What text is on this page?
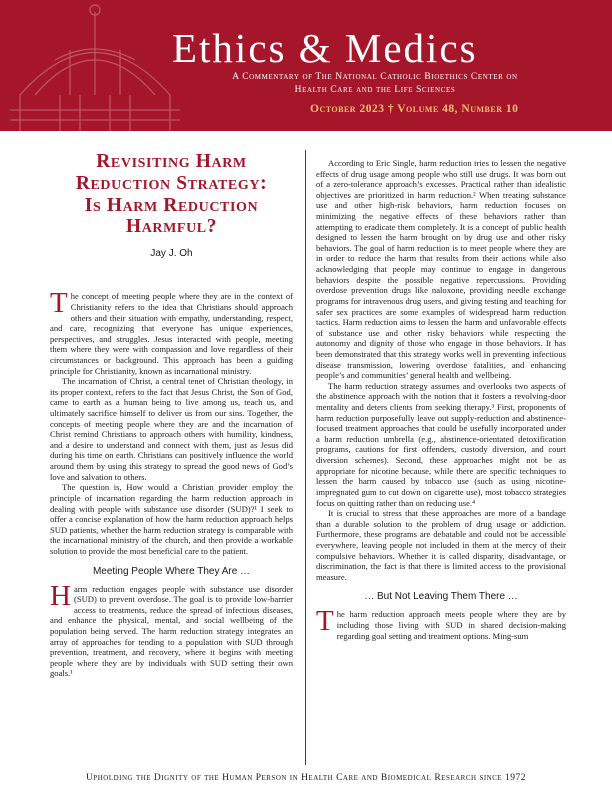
Ethics & Medics
A Commentary of The National Catholic Bioethics Center on
Health Care and the Life Sciences
October 2023 † Volume 48, Number 10
Revisiting Harm
Reduction Strategy:
Is Harm Reduction
Harmful?
Jay J. Oh

The concept of meeting people where they are in the context of Christianity refers to the idea that Christians should approach others and their situation with empathy, understanding, respect, and care, recognizing that everyone has unique experiences, perspectives, and struggles. Jesus interacted with people, meeting them where they were with compassion and love regardless of their circumstances or background. This approach has been a guiding principle for Christianity, known as incarnational ministry.

The incarnation of Christ, a central tenet of Christian theology, in its proper context, refers to the fact that Jesus Christ, the Son of God, came to earth as a human being to live among us, teach us, and ultimately sacrifice himself to deliver us from our sins. Together, the concepts of meeting people where they are and the incarnation of Christ remind Christians to approach others with humility, kindness, and a desire to understand and connect with them, just as Jesus did during his time on earth. Christians can positively influence the world around them by using this strategy to spread the good news of God’s love and salvation to others.

The question is, How would a Christian provider employ the principle of incarnation regarding the harm reduction approach in dealing with people with substance use disorder (SUD)?¹ I seek to offer a concise explanation of how the harm reduction approach helps SUD patients, whether the harm reduction strategy is comparable with the incarnational ministry of the church, and then provide a workable solution to provide the most beneficial care to the patient.

Meeting People Where They Are …

Harm reduction engages people with substance use disorder (SUD) to prevent overdose. The goal is to provide low-barrier access to treatments, reduce the spread of infectious diseases, and enhance the physical, mental, and social wellbeing of the population being served. The harm reduction strategy integrates an array of approaches for tending to a population with SUD through prevention, treatment, and recovery, where it begins with meeting people where they are by individuals with SUD setting their own goals.¹

According to Eric Single, harm reduction tries to lessen the negative effects of drug usage among people who still use drugs. It was born out of a zero-tolerance approach’s excesses. Practical rather than idealistic objectives are prioritized in harm reduction.² When treating substance use and other high-risk behaviors, harm reduction focuses on minimizing the negative effects of these behaviors rather than attempting to eradicate them completely. It is a concept of public health designed to lessen the harm brought on by drug use and other risky behaviors. The goal of harm reduction is to meet people where they are in order to reduce the harm that results from their actions while also acknowledging that people may continue to engage in dangerous behaviors despite the possible negative repercussions. Providing overdose prevention drugs like naloxone, providing needle exchange programs for intravenous drug users, and giving testing and teaching for safer sex practices are some examples of widespread harm reduction tactics. Harm reduction aims to lessen the harm and unfavorable effects of substance use and other risky behaviors while respecting the autonomy and dignity of those who engage in those behaviors. It has been demonstrated that this strategy works well in preventing infectious disease transmission, lowering overdose fatalities, and enhancing people’s and communities’ general health and wellbeing.

The harm reduction strategy assumes and overlooks two aspects of the abstinence approach with the notion that it fosters a revolving-door mentality and deters clients from seeking therapy.³ First, proponents of harm reduction purposefully leave out supply-reduction and abstinence-focused treatment approaches that could be usefully incorporated under a harm reduction umbrella (e.g., abstinence-orientated detoxification programs, cautions for first offenders, custody diversion, and court diversion schemes). Second, these approaches might not be as appropriate for nicotine because, while there are specific techniques to lessen the harm caused by tobacco use (such as using nicotine-impregnated gum to cut down on cigarette use), most tobacco strategies focus on quitting rather than on reducing use.⁴

It is crucial to stress that these approaches are more of a bandage than a durable solution to the problem of drug usage or addiction. Furthermore, these programs are debatable and could not be accessible everywhere, leaving people not included in them at the mercy of their compulsive behaviors. Whether it is called disparity, disadvantage, or discrimination, the fact is that there is limited access to the provisional measure.

… But Not Leaving Them There …

The harm reduction approach meets people where they are by including those living with SUD in shared decision-making regarding goal setting and treatment options. Ming-sum

Upholding the Dignity of the Human Person in Health Care and Biomedical Research since 1972
